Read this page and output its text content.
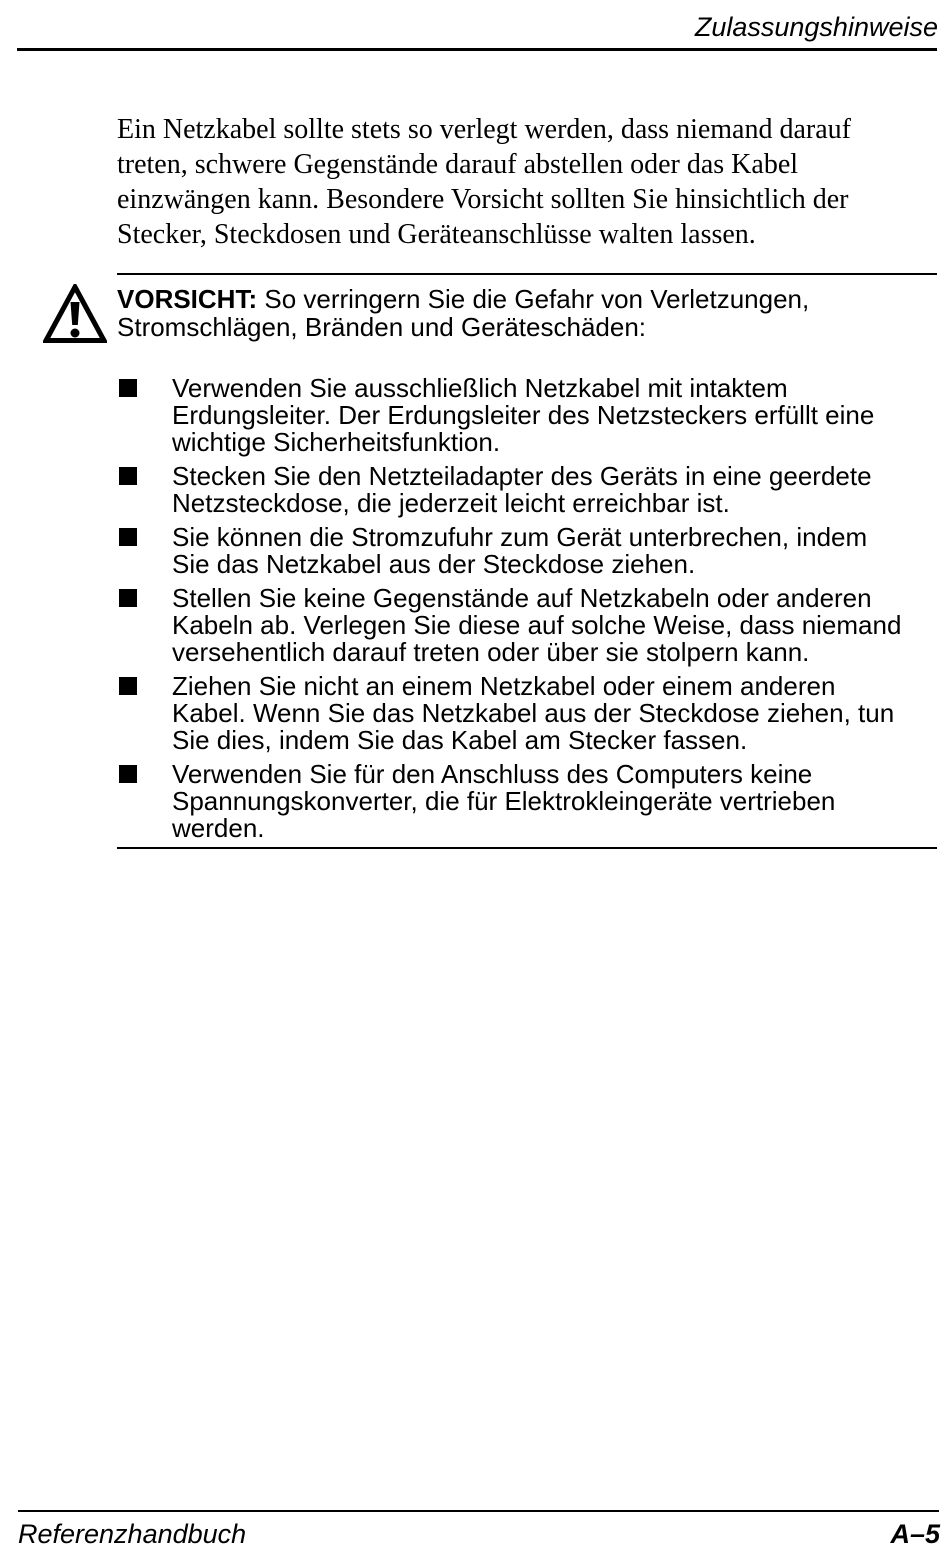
Zulassungshinweise
Ein Netzkabel sollte stets so verlegt werden, dass niemand darauf
treten, schwere Gegenstände darauf abstellen oder das Kabel
einzwängen kann. Besondere Vorsicht sollten Sie hinsichtlich der
Stecker, Steckdosen und Geräteanschlüsse walten lassen.
VORSICHT: So verringern Sie die Gefahr von Verletzungen,
Stromschlägen, Bränden und Geräteschäden:
Verwenden Sie ausschließlich Netzkabel mit intaktem
Erdungsleiter. Der Erdungsleiter des Netzsteckers erfüllt eine
wichtige Sicherheitsfunktion.
Stecken Sie den Netzteiladapter des Geräts in eine geerdete
Netzsteckdose, die jederzeit leicht erreichbar ist.
Sie können die Stromzufuhr zum Gerät unterbrechen, indem
Sie das Netzkabel aus der Steckdose ziehen.
Stellen Sie keine Gegenstände auf Netzkabeln oder anderen
Kabeln ab. Verlegen Sie diese auf solche Weise, dass niemand
versehentlich darauf treten oder über sie stolpern kann.
Ziehen Sie nicht an einem Netzkabel oder einem anderen
Kabel. Wenn Sie das Netzkabel aus der Steckdose ziehen, tun
Sie dies, indem Sie das Kabel am Stecker fassen.
Verwenden Sie für den Anschluss des Computers keine
Spannungskonverter, die für Elektrokleingeräte vertrieben
werden.
Referenzhandbuch	A–5
